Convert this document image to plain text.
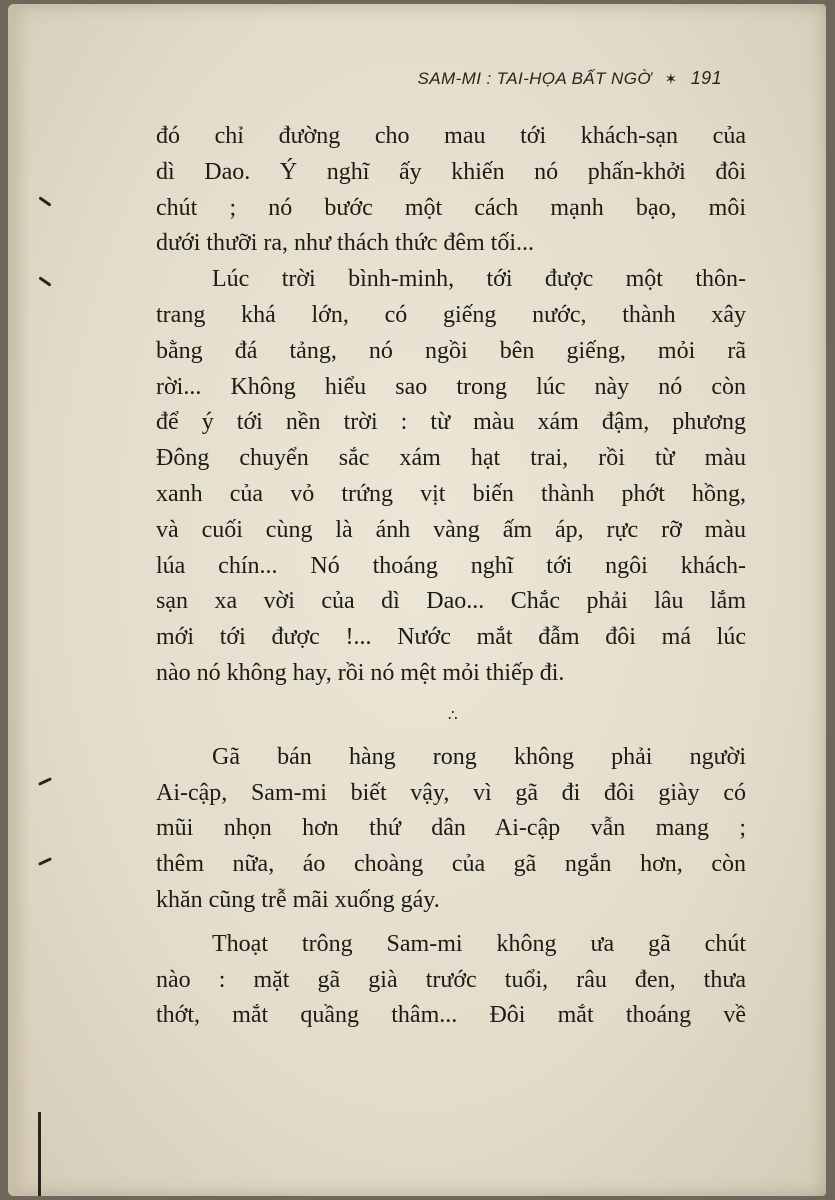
SAM-MI : TAI-HỌA BẤT NGỜ ✶ 191

đó chỉ đường cho mau tới khách-sạn của

dì Dao. Ý nghĩ ấy khiến nó phấn-khởi đôi

chút ; nó bước một cách mạnh bạo, môi

dưới thưỡi ra, như thách thức đêm tối...

Lúc trời bình-minh, tới được một thôn-

trang khá lớn, có giếng nước, thành xây

bằng đá tảng, nó ngồi bên giếng, mỏi rã

rời... Không hiểu sao trong lúc này nó còn

để ý tới nền trời : từ màu xám đậm, phương

Đông chuyển sắc xám hạt trai, rồi từ màu

xanh của vỏ trứng vịt biến thành phớt hồng,

và cuối cùng là ánh vàng ấm áp, rực rỡ màu

lúa chín... Nó thoáng nghĩ tới ngôi khách-

sạn xa vời của dì Dao... Chắc phải lâu lắm

mới tới được !... Nước mắt đẫm đôi má lúc

nào nó không hay, rồi nó mệt mỏi thiếp đi.

∴

Gã bán hàng rong không phải người

Ai-cập, Sam-mi biết vậy, vì gã đi đôi giày có

mũi nhọn hơn thứ dân Ai-cập vẫn mang ;

thêm nữa, áo choàng của gã ngắn hơn, còn

khăn cũng trễ mãi xuống gáy.

Thoạt trông Sam-mi không ưa gã chút

nào : mặt gã già trước tuổi, râu đen, thưa

thớt, mắt quầng thâm... Đôi mắt thoáng về
